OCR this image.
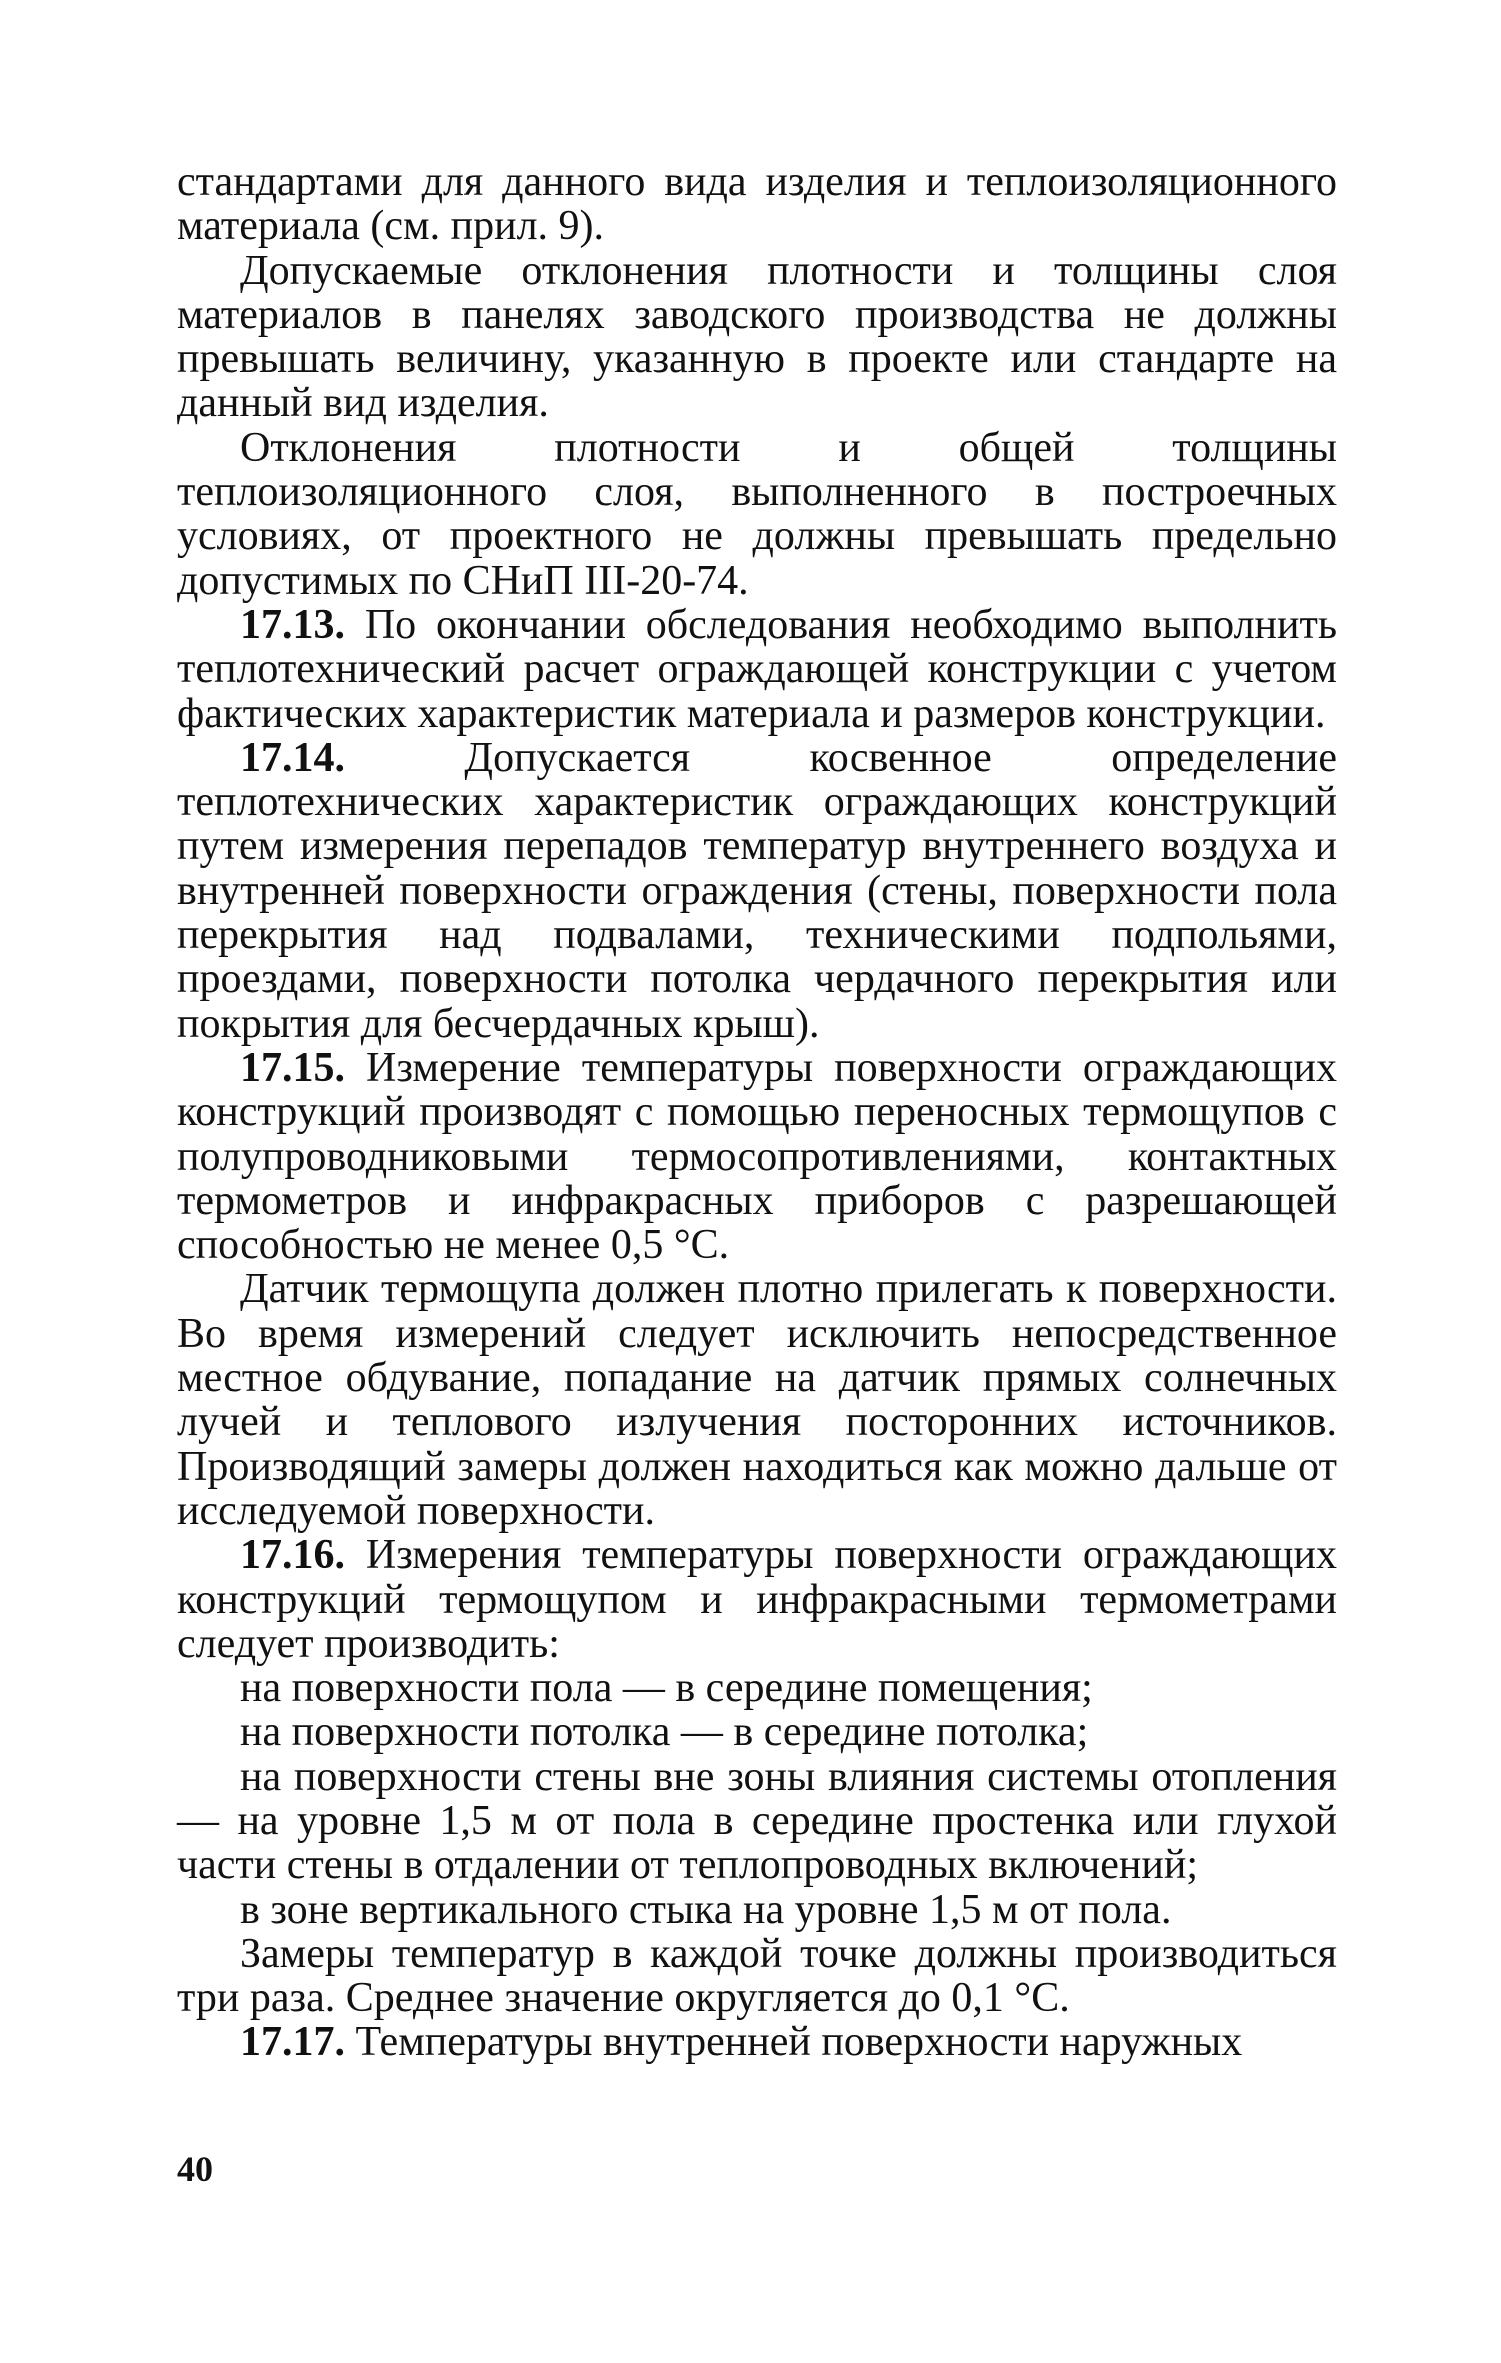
стандартами для данного вида изделия и теплоизоляционного материала (см. прил. 9).

Допускаемые отклонения плотности и толщины слоя материалов в панелях заводского производства не должны превышать величину, указанную в проекте или стандарте на данный вид изделия.

Отклонения плотности и общей толщины теплоизоляционного слоя, выполненного в построечных условиях, от проектного не должны превышать предельно допустимых по СНиП III-20-74.

17.13. По окончании обследования необходимо выполнить теплотехнический расчет ограждающей конструкции с учетом фактических характеристик материала и размеров конструкции.

17.14. Допускается косвенное определение теплотехнических характеристик ограждающих конструкций путем измерения перепадов температур внутреннего воздуха и внутренней поверхности ограждения (стены, поверхности пола перекрытия над подвалами, техническими подпольями, проездами, поверхности потолка чердачного перекрытия или покрытия для бесчердачных крыш).

17.15. Измерение температуры поверхности ограждающих конструкций производят с помощью переносных термощупов с полупроводниковыми термосопротивлениями, контактных термометров и инфракрасных приборов с разрешающей способностью не менее 0,5 °С.

Датчик термощупа должен плотно прилегать к поверхности. Во время измерений следует исключить непосредственное местное обдувание, попадание на датчик прямых солнечных лучей и теплового излучения посторонних источников. Производящий замеры должен находиться как можно дальше от исследуемой поверхности.

17.16. Измерения температуры поверхности ограждающих конструкций термощупом и инфракрасными термометрами следует производить:

на поверхности пола — в середине помещения;

на поверхности потолка — в середине потолка;

на поверхности стены вне зоны влияния системы отопления — на уровне 1,5 м от пола в середине простенка или глухой части стены в отдалении от теплопроводных включений;

в зоне вертикального стыка на уровне 1,5 м от пола.

Замеры температур в каждой точке должны производиться три раза. Среднее значение округляется до 0,1 °С.

17.17. Температуры внутренней поверхности наружных

40
